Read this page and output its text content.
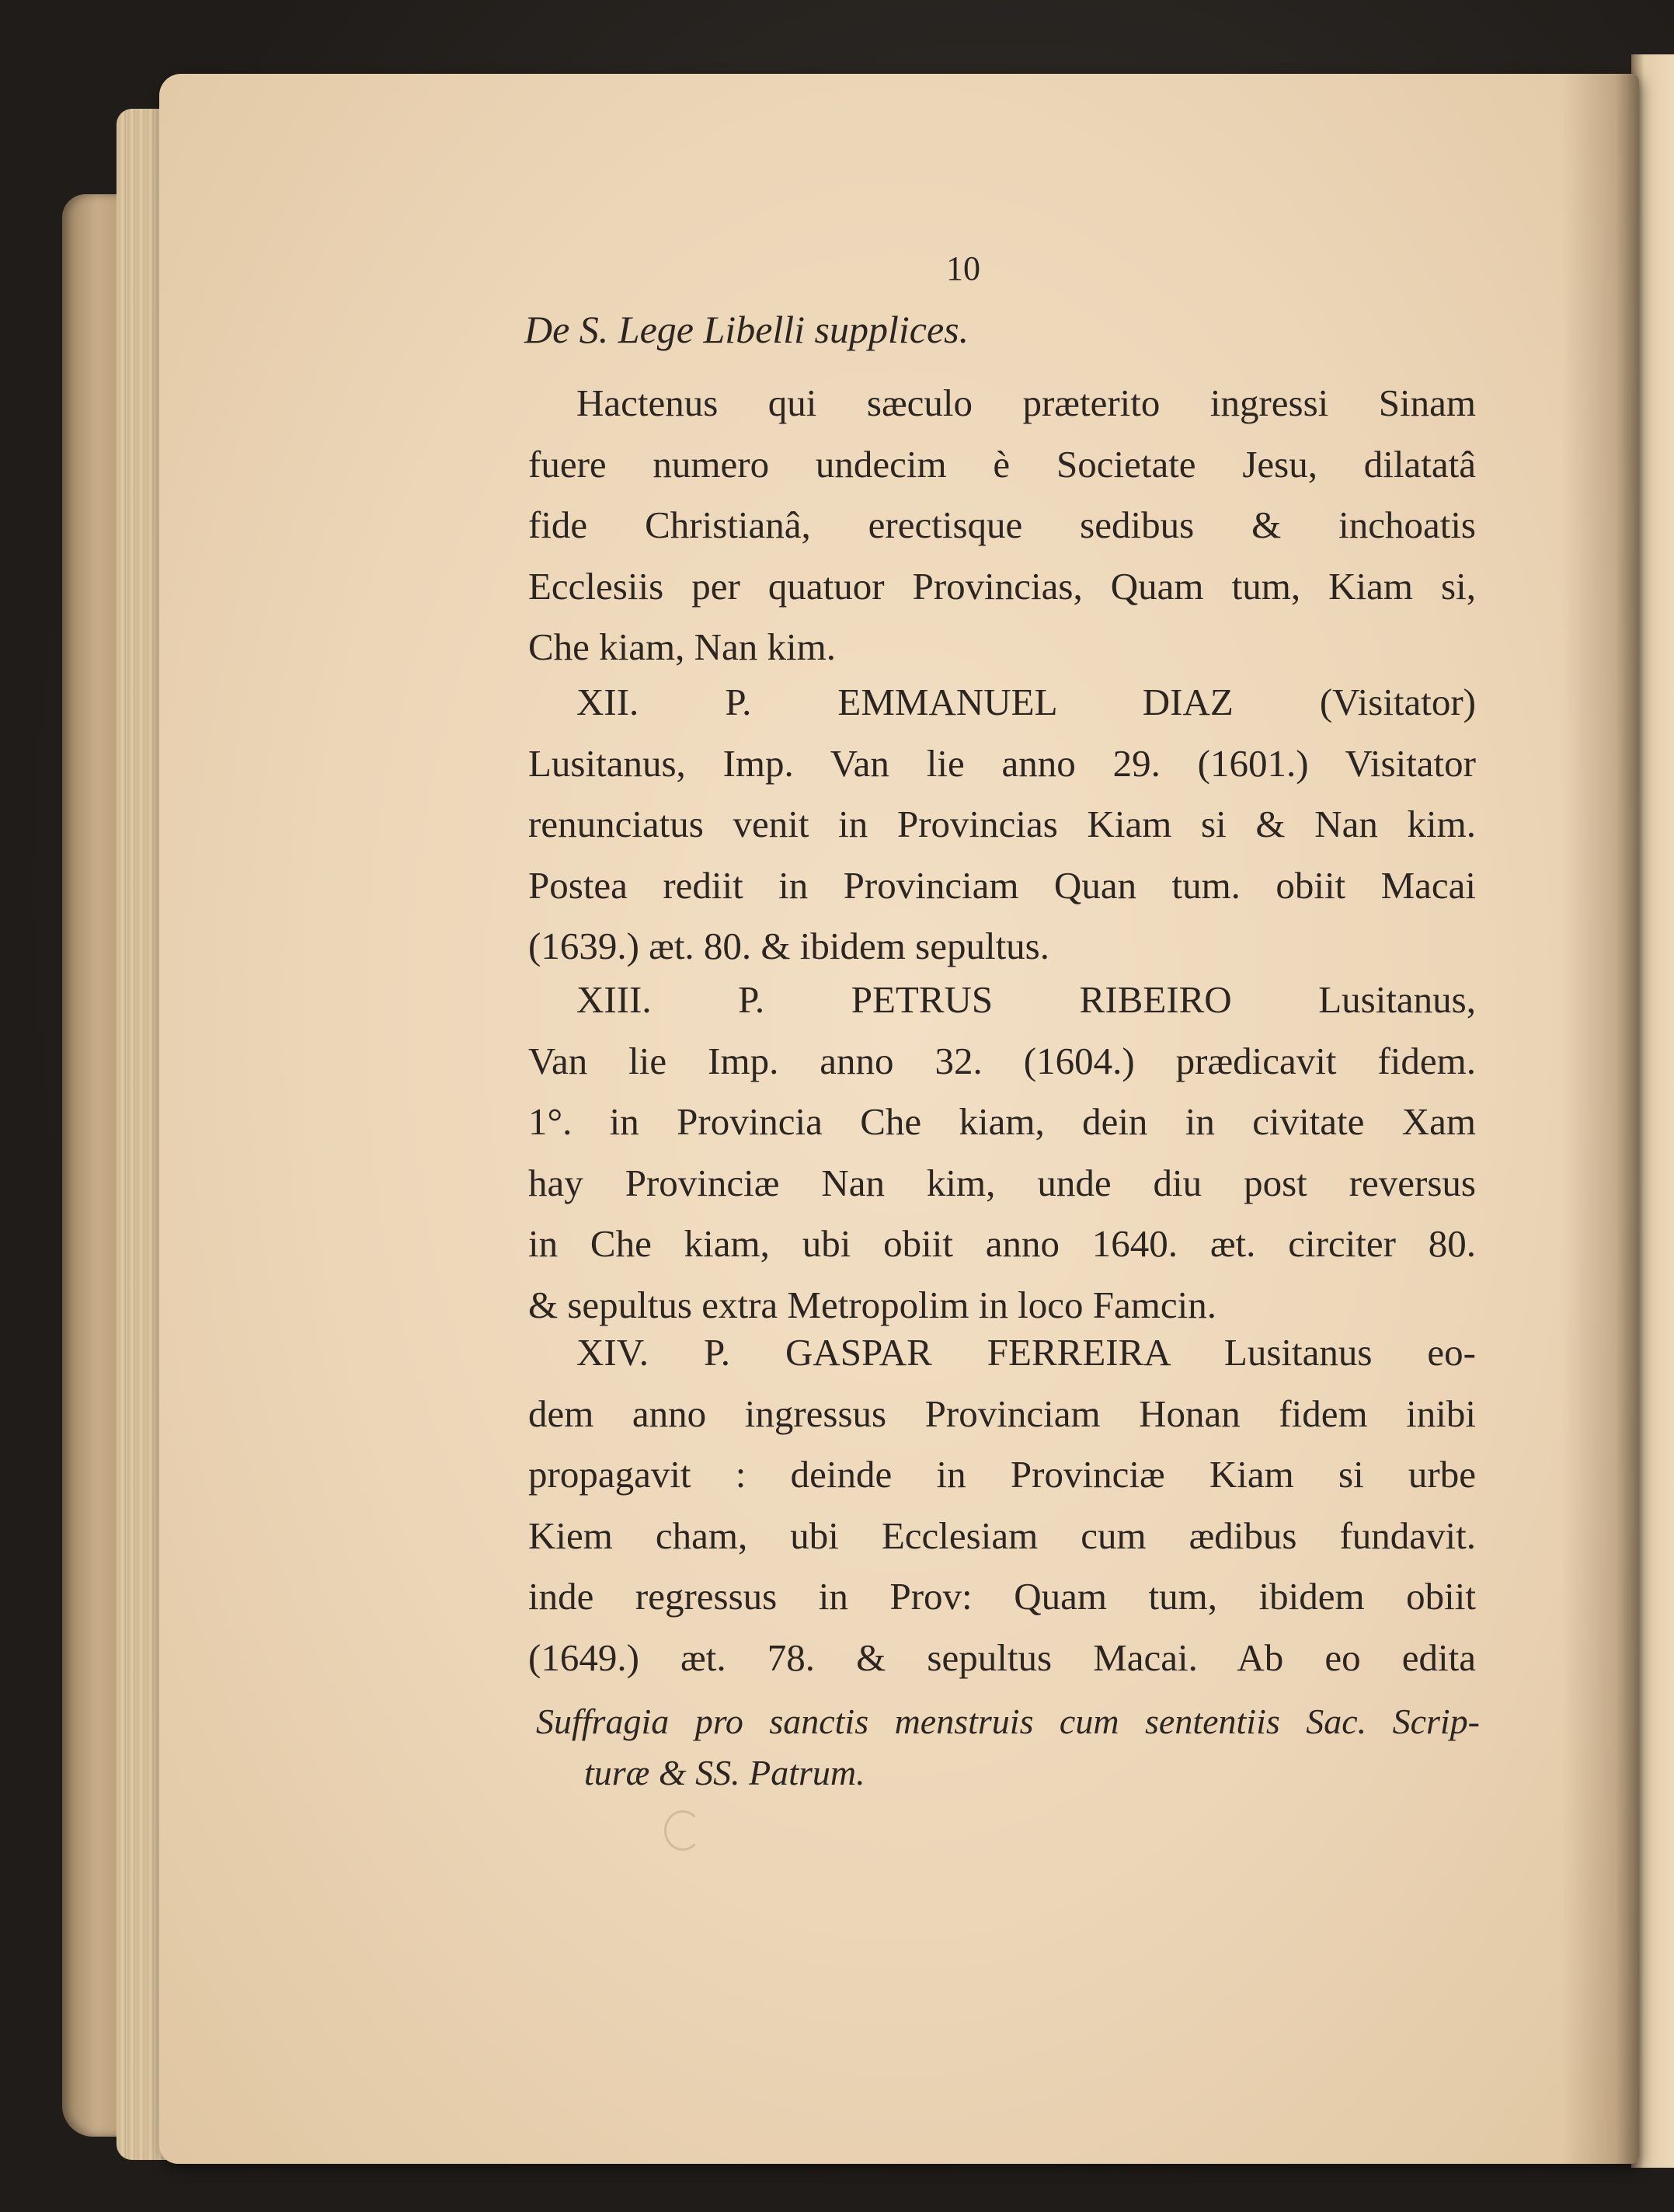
10
De S. Lege Libelli supplices.
Hactenus qui sæculo præterito ingressi Sinam
fuere numero undecim è Societate Jesu, dilatatâ
fide Christianâ, erectisque sedibus & inchoatis
Ecclesiis per quatuor Provincias, Quam tum, Kiam si,
Che kiam, Nan kim.
XII. P. EMMANUEL DIAZ (Visitator)
Lusitanus, Imp. Van lie anno 29. (1601.) Visitator
renunciatus venit in Provincias Kiam si & Nan kim.
Postea rediit in Provinciam Quan tum. obiit Macai
(1639.) æt. 80. & ibidem sepultus.
XIII. P. PETRUS RIBEIRO Lusitanus,
Van lie Imp. anno 32. (1604.) prædicavit fidem.
1°. in Provincia Che kiam, dein in civitate Xam
hay Provinciæ Nan kim, unde diu post reversus
in Che kiam, ubi obiit anno 1640. æt. circiter 80.
& sepultus extra Metropolim in loco Famcin.
XIV. P. GASPAR FERREIRA Lusitanus eo-
dem anno ingressus Provinciam Honan fidem inibi
propagavit : deinde in Provinciæ Kiam si urbe
Kiem cham, ubi Ecclesiam cum ædibus fundavit.
inde regressus in Prov: Quam tum, ibidem obiit
(1649.) æt. 78. & sepultus Macai. Ab eo edita
Suffragia pro sanctis menstruis cum sententiis Sac. Scrip-
turæ & SS. Patrum.
